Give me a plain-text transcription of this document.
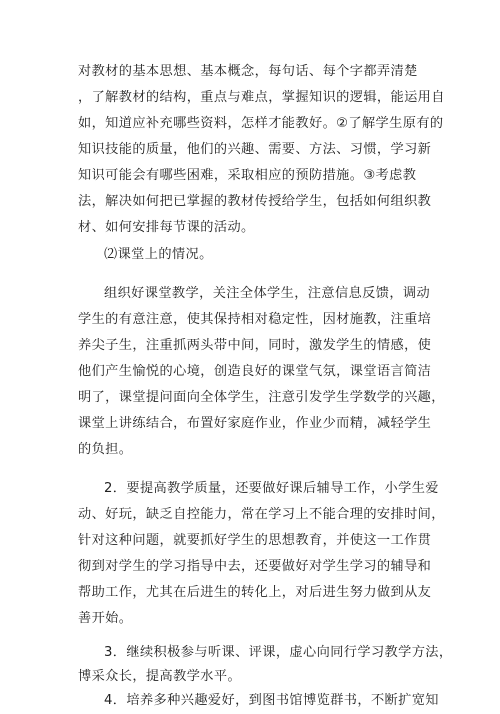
对教材的基本思想、基本概念，每句话、每个字都弄清楚
，了解教材的结构，重点与难点，掌握知识的逻辑，能运用自
如，知道应补充哪些资料，怎样才能教好。②了解学生原有的
知识技能的质量，他们的兴趣、需要、方法、习惯，学习新
知识可能会有哪些困难，采取相应的预防措施。③考虑教
法，解决如何把已掌握的教材传授给学生，包括如何组织教
材、如何安排每节课的活动。
⑵课堂上的情况。
组织好课堂教学，关注全体学生，注意信息反馈，调动
学生的有意注意，使其保持相对稳定性，因材施教，注重培
养尖子生，注重抓两头带中间，同时，激发学生的情感，使
他们产生愉悦的心境，创造良好的课堂气氛，课堂语言简洁
明了，课堂提问面向全体学生，注意引发学生学数学的兴趣，
课堂上讲练结合，布置好家庭作业，作业少而精，减轻学生
的负担。
2．要提高教学质量，还要做好课后辅导工作，小学生爱
动、好玩，缺乏自控能力，常在学习上不能合理的安排时间，
针对这种问题，就要抓好学生的思想教育，并使这一工作贯
彻到对学生的学习指导中去，还要做好对学生学习的辅导和
帮助工作，尤其在后进生的转化上，对后进生努力做到从友
善开始。
3．继续积极参与听课、评课，虚心向同行学习教学方法，
博采众长，提高教学水平。
4．培养多种兴趣爱好，到图书馆博览群书，不断扩宽知
